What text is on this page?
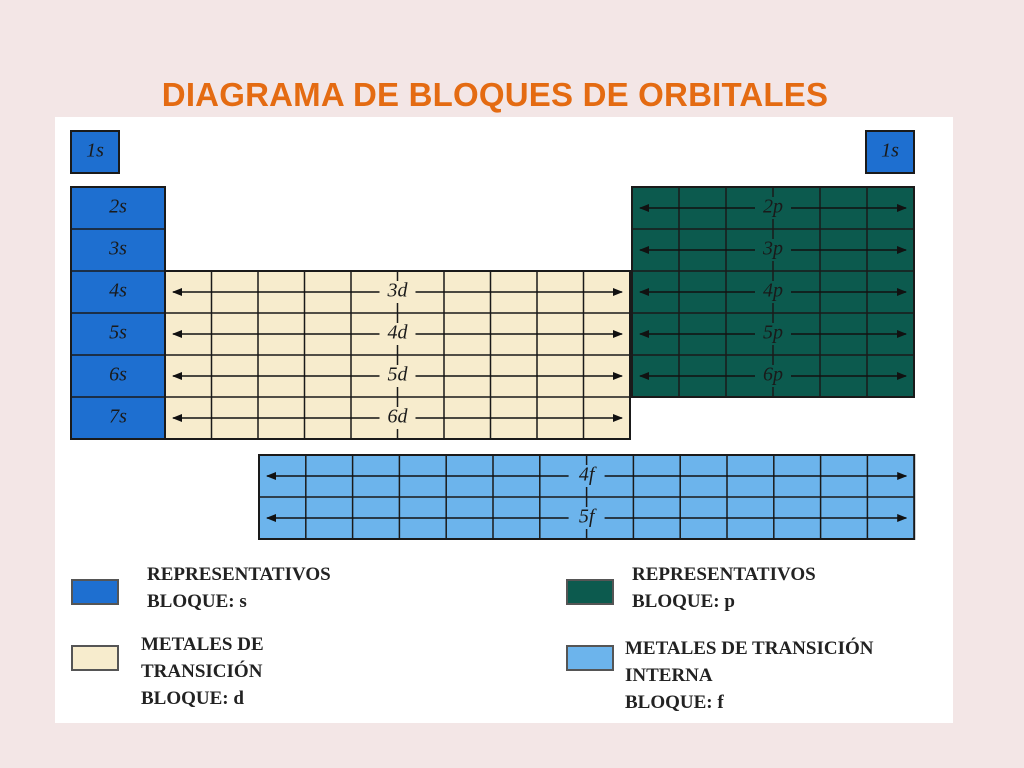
DIAGRAMA DE BLOQUES DE ORBITALES
1s
2s
3s
4s
5s
6s
7s
1s
3d
4d
5d
6d
2p
3p
4p
5p
6p
4f
5f
REPRESENTATIVOS
BLOQUE: s
REPRESENTATIVOS
BLOQUE: p
METALES DE
TRANSICIÓN
BLOQUE: d
METALES DE TRANSICIÓN
INTERNA
BLOQUE: f
